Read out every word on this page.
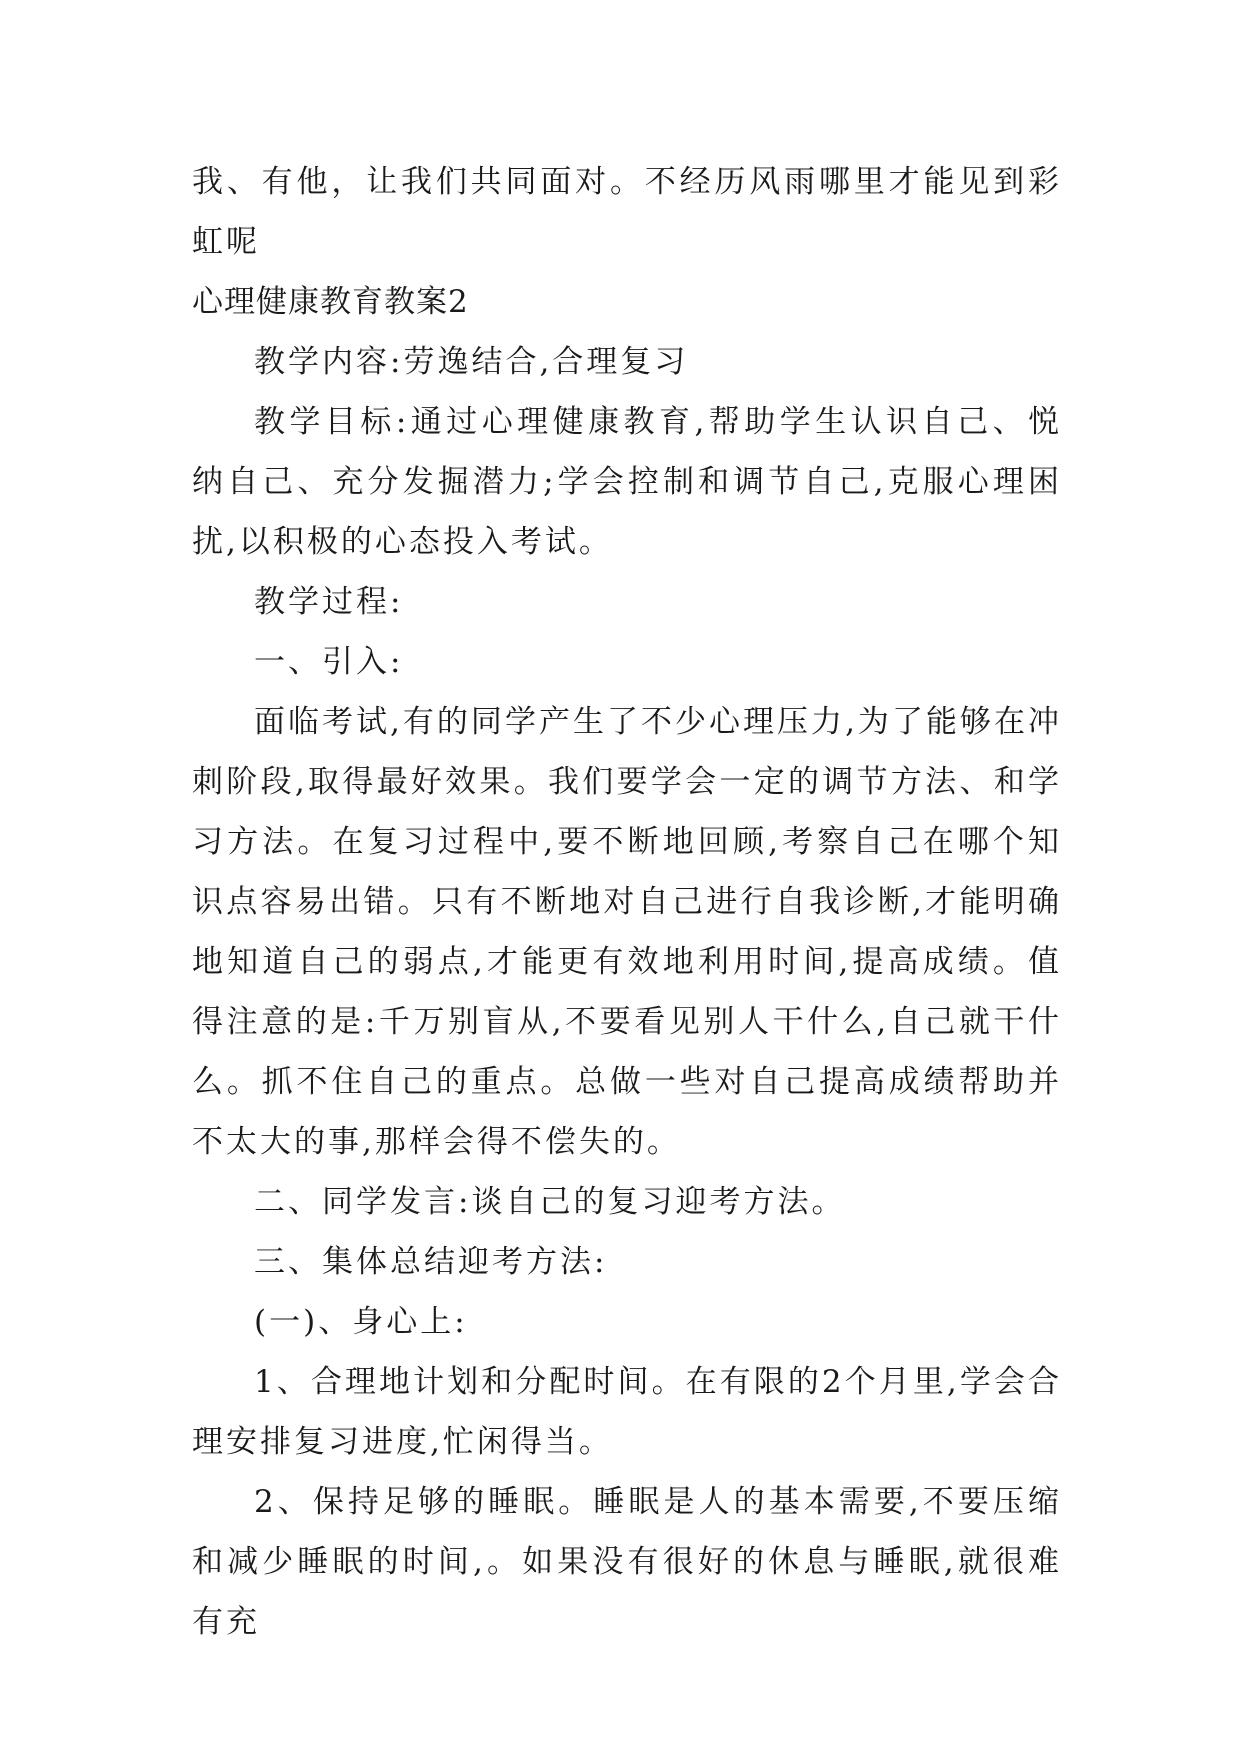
我、有他，让我们共同面对。不经历风雨哪里才能见到彩虹呢

心理健康教育教案2

教学内容:劳逸结合,合理复习

教学目标:通过心理健康教育,帮助学生认识自己、悦纳自己、充分发掘潜力;学会控制和调节自己,克服心理困扰,以积极的心态投入考试。

教学过程:

一、引入:

面临考试,有的同学产生了不少心理压力,为了能够在冲刺阶段,取得最好效果。我们要学会一定的调节方法、和学习方法。在复习过程中,要不断地回顾,考察自己在哪个知识点容易出错。只有不断地对自己进行自我诊断,才能明确地知道自己的弱点,才能更有效地利用时间,提高成绩。值得注意的是:千万别盲从,不要看见别人干什么,自己就干什么。抓不住自己的重点。总做一些对自己提高成绩帮助并不太大的事,那样会得不偿失的。

二、同学发言:谈自己的复习迎考方法。

三、集体总结迎考方法:

(一)、身心上:

1、合理地计划和分配时间。在有限的2个月里,学会合理安排复习进度,忙闲得当。

2、保持足够的睡眠。睡眠是人的基本需要,不要压缩和减少睡眠的时间,。如果没有很好的休息与睡眠,就很难有充
